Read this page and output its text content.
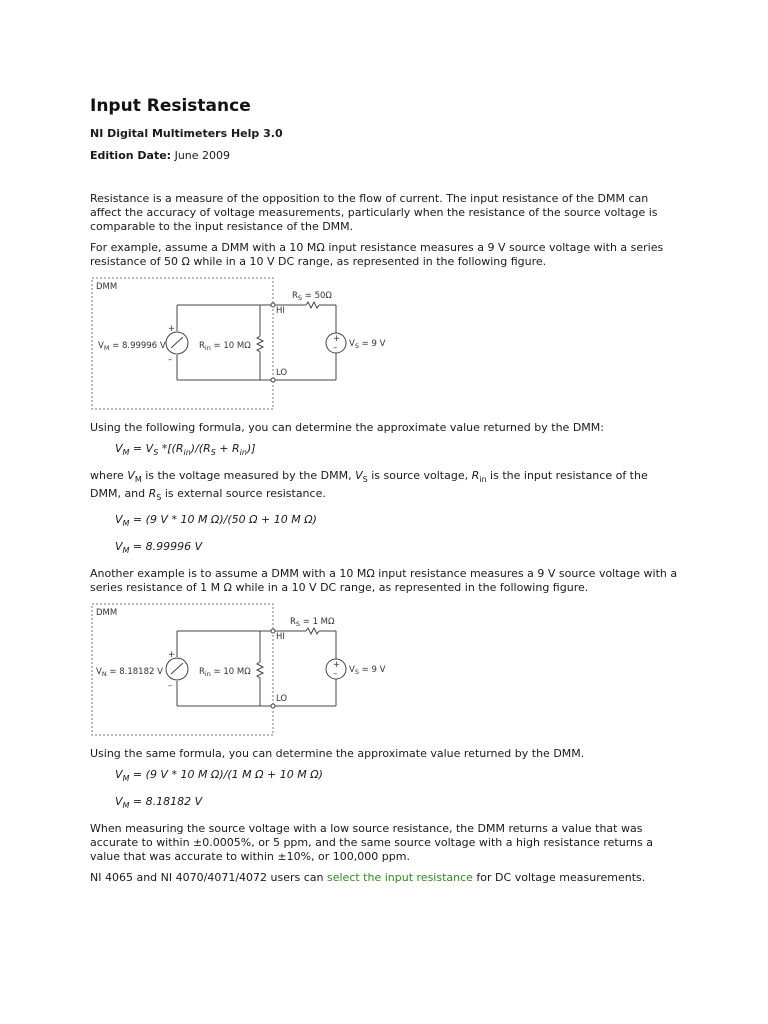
Input Resistance
NI Digital Multimeters Help 3.0
Edition Date: June 2009

Resistance is a measure of the opposition to the flow of current. The input resistance of the DMM can affect the accuracy of voltage measurements, particularly when the resistance of the source voltage is comparable to the input resistance of the DMM.

For example, assume a DMM with a 10 MΩ input resistance measures a 9 V source voltage with a series resistance of 50 Ω while in a 10 V DC range, as represented in the following figure.

DMM
+
–
$V_M = 8.99996$ V	$R_{in} = 10$ MΩ
HI
LO
$R_S = 50\Omega$
+
– $V_S = 9$ V

Using the following formula, you can determine the approximate value returned by the DMM:

$V_M = V_S$ $*[(R_{in})/(R_S + R_{in})]$

where $V_M$ is the voltage measured by the DMM, $V_S$ is source voltage, $R_{in}$ is the input resistance of the DMM, and $R_S$ is external source resistance.

$V_M = (9$ V * 10 M Ω)/(50 Ω + 10 M Ω)
$V_M = 8.99996$ V

Another example is to assume a DMM with a 10 MΩ input resistance measures a 9 V source voltage with a series resistance of 1 M Ω while in a 10 V DC range, as represented in the following figure.

DMM
+
–
$V_N = 8.18182$ V	$R_{in} = 10$ MΩ
HI
LO
$R_S = 1$ MΩ
+
– $V_S = 9$ V

Using the same formula, you can determine the approximate value returned by the DMM.

$V_M = (9$ V * 10 M Ω)/(1 M Ω + 10 M Ω)
$V_M = 8.18182$ V

When measuring the source voltage with a low source resistance, the DMM returns a value that was accurate to within ±0.0005%, or 5 ppm, and the same source voltage with a high resistance returns a value that was accurate to within ±10%, or 100,000 ppm.

NI 4065 and NI 4070/4071/4072 users can select the input resistance for DC voltage measurements.
